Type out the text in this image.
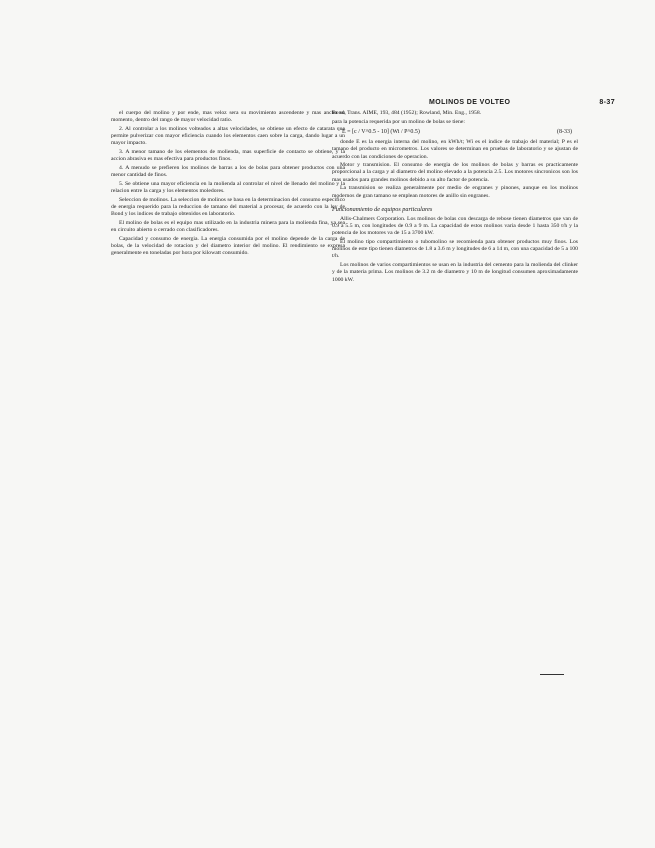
MOLINOS DE VOLTEO	8-37

el cuerpo del molino y por ende, mas veloz sera su movimiento ascendente y mas ancho su momento, dentro del rango de mayor velocidad ratio.

2. Al controlar a los molinos volteados a altas velocidades, se obtiene un efecto de catarata que permite pulverizar con mayor eficiencia cuando los elementos caen sobre la carga, dando lugar a un mayor impacto.

3. A menor tamano de los elementos de molienda, mas superficie de contacto se obtiene, y la accion abrasiva es mas efectiva para productos finos.

4. A menudo se prefieren los molinos de barras a los de bolas para obtener productos con una menor cantidad de finos.

5. Se obtiene una mayor eficiencia en la molienda al controlar el nivel de llenado del molino y la relacion entre la carga y los elementos moledores.

Seleccion de molinos. La seleccion de molinos se basa en la determinacion del consumo especifico de energia requerido para la reduccion de tamano del material a procesar, de acuerdo con la ley de Bond y los indices de trabajo obtenidos en laboratorio.

El molino de bolas es el equipo mas utilizado en la industria minera para la molienda fina, ya sea en circuito abierto o cerrado con clasificadores.

Capacidad y consumo de energia. La energia consumida por el molino depende de la carga de bolas, de la velocidad de rotacion y del diametro interior del molino. El rendimiento se expresa generalmente en toneladas por hora por kilowatt consumido.

Bond, Trans. AIME, 193, 484 (1952); Rowland, Min. Eng., 1958.

para la potencia requerida por un molino de bolas se tiene:

E = [c / V^0.5 - 10] (Wi / P^0.5)	(8-33)

donde E es la energia interna del molino, en kWh/t; Wi es el indice de trabajo del material; P es el tamano del producto en micrometros. Los valores se determinan en pruebas de laboratorio y se ajustan de acuerdo con las condiciones de operacion.

Motor y transmision. El consumo de energia de los molinos de bolas y barras es practicamente proporcional a la carga y al diametro del molino elevado a la potencia 2.5. Los motores sincronicos son los mas usados para grandes molinos debido a su alto factor de potencia.

La transmision se realiza generalmente por medio de engranes y pinones, aunque en los molinos modernos de gran tamano se emplean motores de anillo sin engranes.

Funcionamiento de equipos particulares

Allis-Chalmers Corporation. Los molinos de bolas con descarga de rebose tienen diametros que van de 0.9 a 5.5 m, con longitudes de 0.9 a 9 m. La capacidad de estos molinos varia desde 1 hasta 350 t/h y la potencia de los motores va de 15 a 3700 kW.

El molino tipo compartimiento o tubomolino se recomienda para obtener productos muy finos. Los molinos de este tipo tienen diametros de 1.8 a 3.6 m y longitudes de 6 a 14 m, con una capacidad de 5 a 100 t/h.

Los molinos de varios compartimientos se usan en la industria del cemento para la molienda del clinker y de la materia prima. Los molinos de 3.2 m de diametro y 10 m de longitud consumen aproximadamente 1000 kW.
